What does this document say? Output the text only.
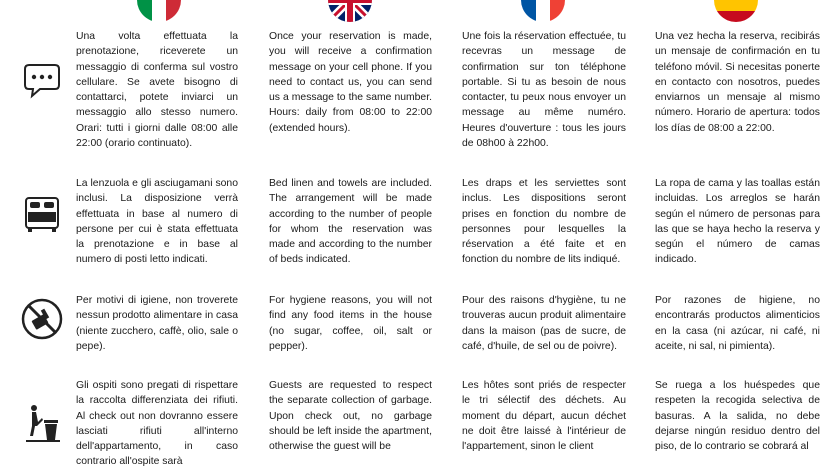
Una volta effettuata la prenotazione, riceverete un messaggio di conferma sul vostro cellulare. Se avete bisogno di contattarci, potete inviarci un messaggio allo stesso numero. Orari: tutti i giorni dalle 08:00 alle 22:00 (orario continuato).

Once your reservation is made, you will receive a confirmation message on your cell phone. If you need to contact us, you can send us a message to the same number. Hours: daily from 08:00 to 22:00 (extended hours).

Une fois la réservation effectuée, tu recevras un message de confirmation sur ton téléphone portable. Si tu as besoin de nous contacter, tu peux nous envoyer un message au même numéro. Heures d'ouverture : tous les jours de 08h00 à 22h00.

Una vez hecha la reserva, recibirás un mensaje de confirmación en tu teléfono móvil. Si necesitas ponerte en contacto con nosotros, puedes enviarnos un mensaje al mismo número. Horario de apertura: todos los días de 08:00 a 22:00.

La lenzuola e gli asciugamani sono inclusi. La disposizione verrà effettuata in base al numero di persone per cui è stata effettuata la prenotazione e in base al numero di posti letto indicati.

Bed linen and towels are included. The arrangement will be made according to the number of people for whom the reservation was made and according to the number of beds indicated.

Les draps et les serviettes sont inclus. Les dispositions seront prises en fonction du nombre de personnes pour lesquelles la réservation a été faite et en fonction du nombre de lits indiqué.

La ropa de cama y las toallas están incluidas. Los arreglos se harán según el número de personas para las que se haya hecho la reserva y según el número de camas indicado.

Per motivi di igiene, non troverete nessun prodotto alimentare in casa (niente zucchero, caffè, olio, sale o pepe).

For hygiene reasons, you will not find any food items in the house (no sugar, coffee, oil, salt or pepper).

Pour des raisons d'hygiène, tu ne trouveras aucun produit alimentaire dans la maison (pas de sucre, de café, d'huile, de sel ou de poivre).

Por razones de higiene, no encontrarás productos alimenticios en la casa (ni azúcar, ni café, ni aceite, ni sal, ni pimienta).

Gli ospiti sono pregati di rispettare la raccolta differenziata dei rifiuti. Al check out non dovranno essere lasciati rifiuti all'interno dell'appartamento, in caso contrario all'ospite sarà

Guests are requested to respect the separate collection of garbage. Upon check out, no garbage should be left inside the apartment, otherwise the guest will be

Les hôtes sont priés de respecter le tri sélectif des déchets. Au moment du départ, aucun déchet ne doit être laissé à l'intérieur de l'appartement, sinon le client

Se ruega a los huéspedes que respeten la recogida selectiva de basuras. A la salida, no debe dejarse ningún residuo dentro del piso, de lo contrario se cobrará al
